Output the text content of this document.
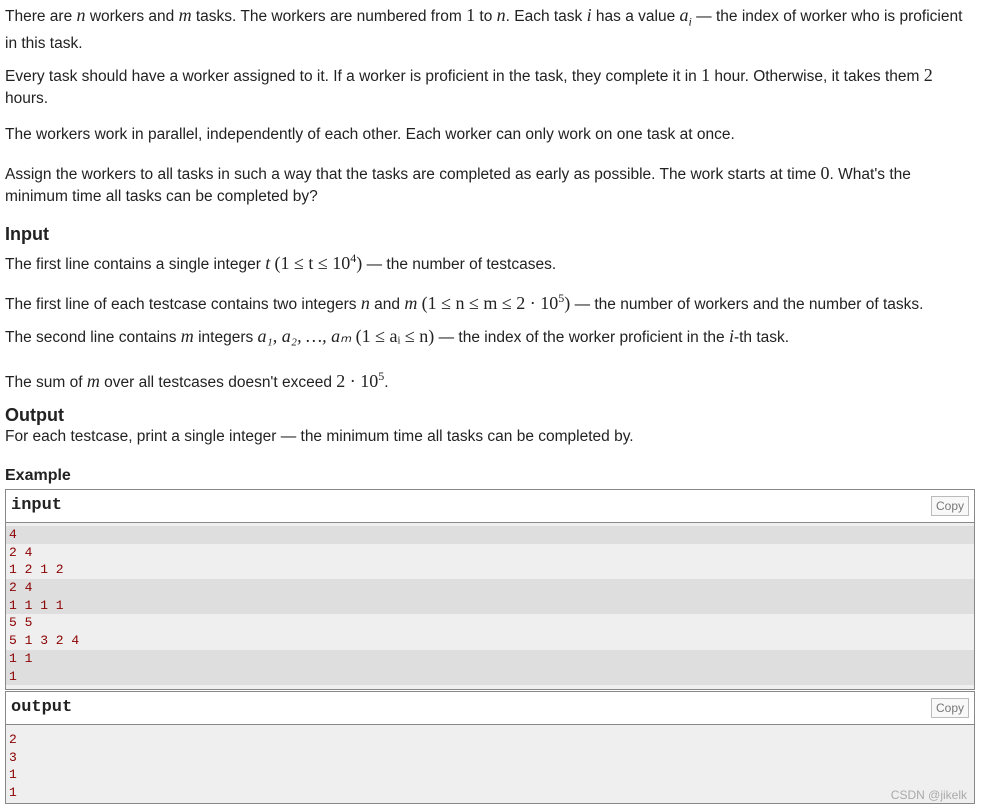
There are n workers and m tasks. The workers are numbered from 1 to n. Each task i has a value $a_i$ — the index of worker who is proficient in this task.

Every task should have a worker assigned to it. If a worker is proficient in the task, they complete it in 1 hour. Otherwise, it takes them 2 hours.

The workers work in parallel, independently of each other. Each worker can only work on one task at once.

Assign the workers to all tasks in such a way that the tasks are completed as early as possible. The work starts at time 0. What's the minimum time all tasks can be completed by?

Input

The first line contains a single integer t $(1 \le t \le 10^4)$ — the number of testcases.

The first line of each testcase contains two integers n and m $(1 \le n \le m \le 2 \cdot 10^5)$ — the number of workers and the number of tasks.

The second line contains m integers a₁, a₂, …, aₘ (1 ≤ aᵢ ≤ n) — the index of the worker proficient in the i-th task.

The sum of m over all testcases doesn't exceed $2 \cdot 10^5$.

Output

For each testcase, print a single integer — the minimum time all tasks can be completed by.

Example
input	Copy
4
2 4
1 2 1 2
2 4
1 1 1 1
5 5
5 1 3 2 4
1 1
1
output	Copy
2
3
1
1	CSDN @jikelk
